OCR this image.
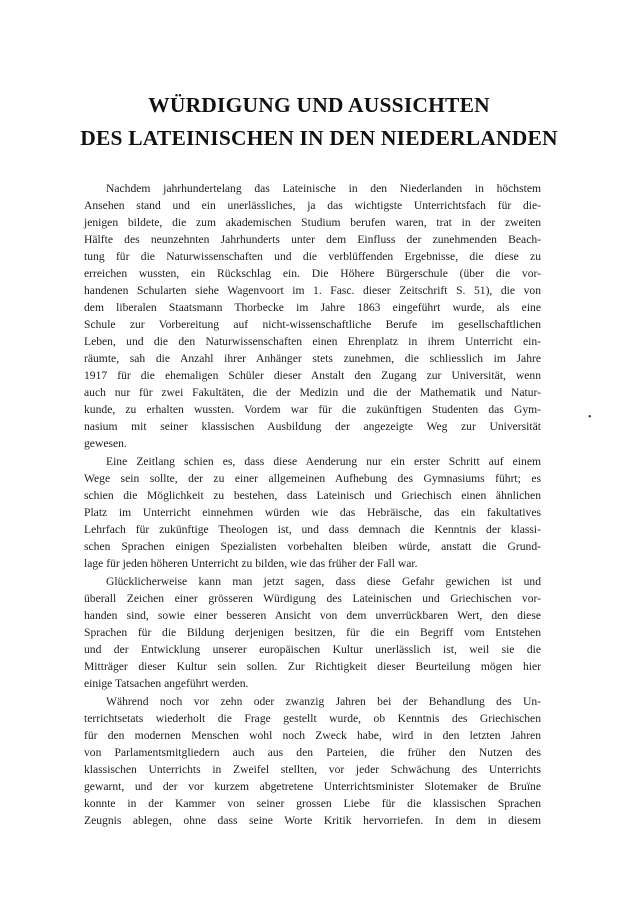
WÜRDIGUNG UND AUSSICHTEN
DES LATEINISCHEN IN DEN NIEDERLANDEN
Nachdem jahrhundertelang das Lateinische in den Niederlanden in höchstem
Ansehen stand und ein unerlässliches, ja das wichtigste Unterrichtsfach für die-
jenigen bildete, die zum akademischen Studium berufen waren, trat in der zweiten
Hälfte des neunzehnten Jahrhunderts unter dem Einfluss der zunehmenden Beach-
tung für die Naturwissenschaften und die verblüffenden Ergebnisse, die diese zu
erreichen wussten, ein Rückschlag ein. Die Höhere Bürgerschule (über die vor-
handenen Schularten siehe Wagenvoort im 1. Fasc. dieser Zeitschrift S. 51), die von
dem liberalen Staatsmann Thorbecke im Jahre 1863 eingeführt wurde, als eine
Schule zur Vorbereitung auf nicht-wissenschaftliche Berufe im gesellschaftlichen
Leben, und die den Naturwissenschaften einen Ehrenplatz in ihrem Unterricht ein-
räumte, sah die Anzahl ihrer Anhänger stets zunehmen, die schliesslich im Jahre
1917 für die ehemaligen Schüler dieser Anstalt den Zugang zur Universität, wenn
auch nur für zwei Fakultäten, die der Medizin und die der Mathematik und Natur-
kunde, zu erhalten wussten. Vordem war für die zukünftigen Studenten das Gym-
nasium mit seiner klassischen Ausbildung der angezeigte Weg zur Universität
gewesen.
Eine Zeitlang schien es, dass diese Aenderung nur ein erster Schritt auf einem
Wege sein sollte, der zu einer allgemeinen Aufhebung des Gymnasiums führt; es
schien die Möglichkeit zu bestehen, dass Lateinisch und Griechisch einen ähnlichen
Platz im Unterricht einnehmen würden wie das Hebräische, das ein fakultatives
Lehrfach für zukünftige Theologen ist, und dass demnach die Kenntnis der klassi-
schen Sprachen einigen Spezialisten vorbehalten bleiben würde, anstatt die Grund-
lage für jeden höheren Unterricht zu bilden, wie das früher der Fall war.
Glücklicherweise kann man jetzt sagen, dass diese Gefahr gewichen ist und
überall Zeichen einer grösseren Würdigung des Lateinischen und Griechischen vor-
handen sind, sowie einer besseren Ansicht von dem unverrückbaren Wert, den diese
Sprachen für die Bildung derjenigen besitzen, für die ein Begriff vom Entstehen
und der Entwicklung unserer europäischen Kultur unerlässlich ist, weil sie die
Mitträger dieser Kultur sein sollen. Zur Richtigkeit dieser Beurteilung mögen hier
einige Tatsachen angeführt werden.
Während noch vor zehn oder zwanzig Jahren bei der Behandlung des Un-
terrichtsetats wiederholt die Frage gestellt wurde, ob Kenntnis des Griechischen
für den modernen Menschen wohl noch Zweck habe, wird in den letzten Jahren
von Parlamentsmitgliedern auch aus den Parteien, die früher den Nutzen des
klassischen Unterrichts in Zweifel stellten, vor jeder Schwächung des Unterrichts
gewarnt, und der vor kurzem abgetretene Unterrichtsminister Slotemaker de Bruïne
konnte in der Kammer von seiner grossen Liebe für die klassischen Sprachen
Zeugnis ablegen, ohne dass seine Worte Kritik hervorriefen. In dem in diesem
•
